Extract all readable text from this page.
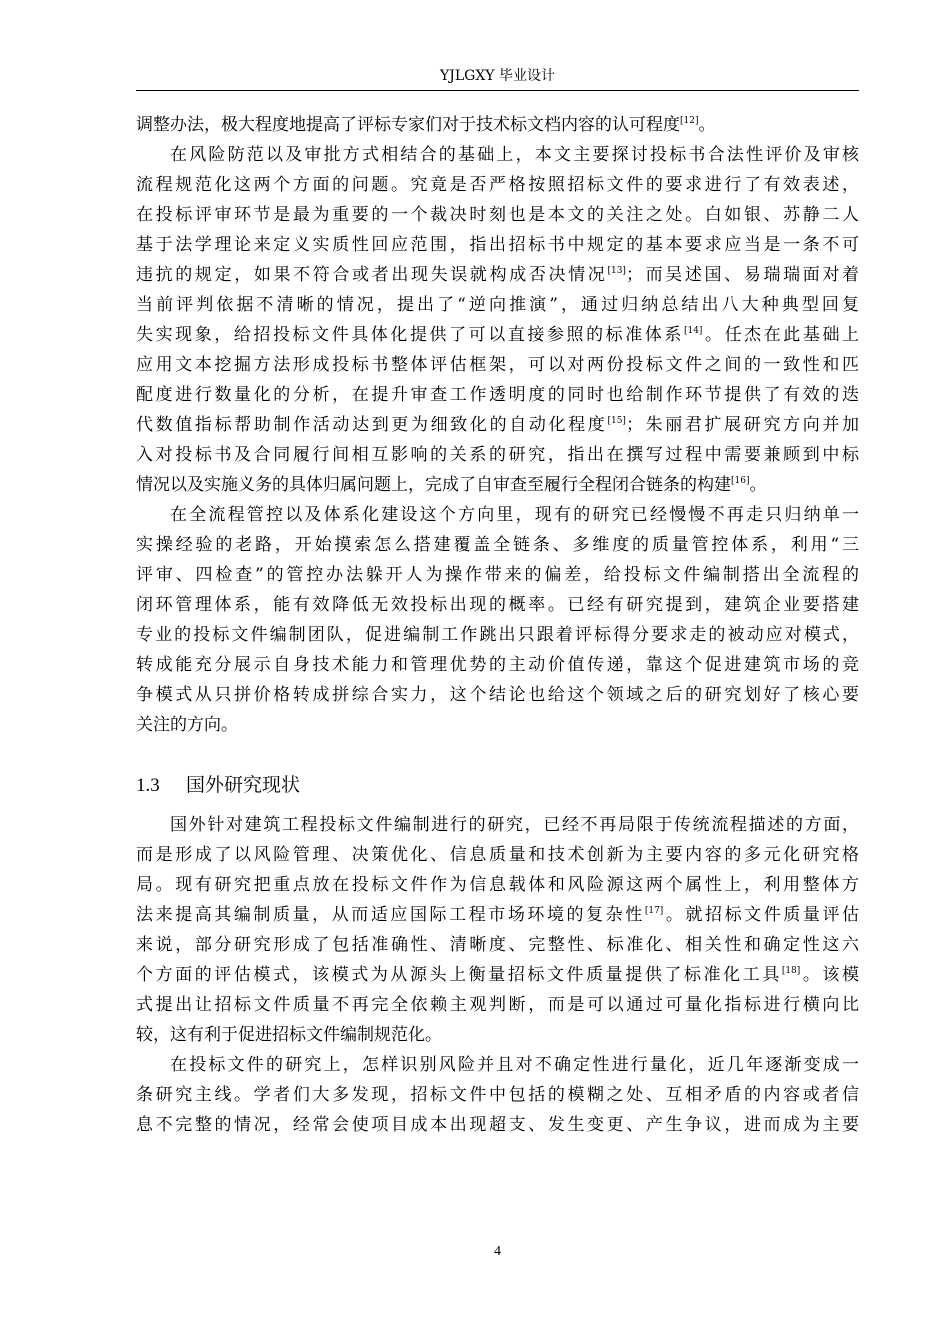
YJLGXY 毕业设计
调整办法，极大程度地提高了评标专家们对于技术标文档内容的认可程度[12]。
在风险防范以及审批方式相结合的基础上，本文主要探讨投标书合法性评价及审核
流程规范化这两个方面的问题。究竟是否严格按照招标文件的要求进行了有效表述，
在投标评审环节是最为重要的一个裁决时刻也是本文的关注之处。白如银、苏静二人
基于法学理论来定义实质性回应范围，指出招标书中规定的基本要求应当是一条不可
违抗的规定，如果不符合或者出现失误就构成否决情况[13]；而吴述国、易瑞瑞面对着
当前评判依据不清晰的情况，提出了“逆向推演”，通过归纳总结出八大种典型回复
失实现象，给招投标文件具体化提供了可以直接参照的标准体系[14]。任杰在此基础上
应用文本挖掘方法形成投标书整体评估框架，可以对两份投标文件之间的一致性和匹
配度进行数量化的分析，在提升审查工作透明度的同时也给制作环节提供了有效的迭
代数值指标帮助制作活动达到更为细致化的自动化程度[15]；朱丽君扩展研究方向并加
入对投标书及合同履行间相互影响的关系的研究，指出在撰写过程中需要兼顾到中标
情况以及实施义务的具体归属问题上，完成了自审查至履行全程闭合链条的构建[16]。
在全流程管控以及体系化建设这个方向里，现有的研究已经慢慢不再走只归纳单一
实操经验的老路，开始摸索怎么搭建覆盖全链条、多维度的质量管控体系，利用“三
评审、四检查”的管控办法躲开人为操作带来的偏差，给投标文件编制搭出全流程的
闭环管理体系，能有效降低无效投标出现的概率。已经有研究提到，建筑企业要搭建
专业的投标文件编制团队，促进编制工作跳出只跟着评标得分要求走的被动应对模式，
转成能充分展示自身技术能力和管理优势的主动价值传递，靠这个促进建筑市场的竞
争模式从只拼价格转成拼综合实力，这个结论也给这个领域之后的研究划好了核心要
关注的方向。
1.3 国外研究现状
国外针对建筑工程投标文件编制进行的研究，已经不再局限于传统流程描述的方面，
而是形成了以风险管理、决策优化、信息质量和技术创新为主要内容的多元化研究格
局。现有研究把重点放在投标文件作为信息载体和风险源这两个属性上，利用整体方
法来提高其编制质量，从而适应国际工程市场环境的复杂性[17]。就招标文件质量评估
来说，部分研究形成了包括准确性、清晰度、完整性、标准化、相关性和确定性这六
个方面的评估模式，该模式为从源头上衡量招标文件质量提供了标准化工具[18]。该模
式提出让招标文件质量不再完全依赖主观判断，而是可以通过可量化指标进行横向比
较，这有利于促进招标文件编制规范化。
在投标文件的研究上，怎样识别风险并且对不确定性进行量化，近几年逐渐变成一
条研究主线。学者们大多发现，招标文件中包括的模糊之处、互相矛盾的内容或者信
息不完整的情况，经常会使项目成本出现超支、发生变更、产生争议，进而成为主要
4
